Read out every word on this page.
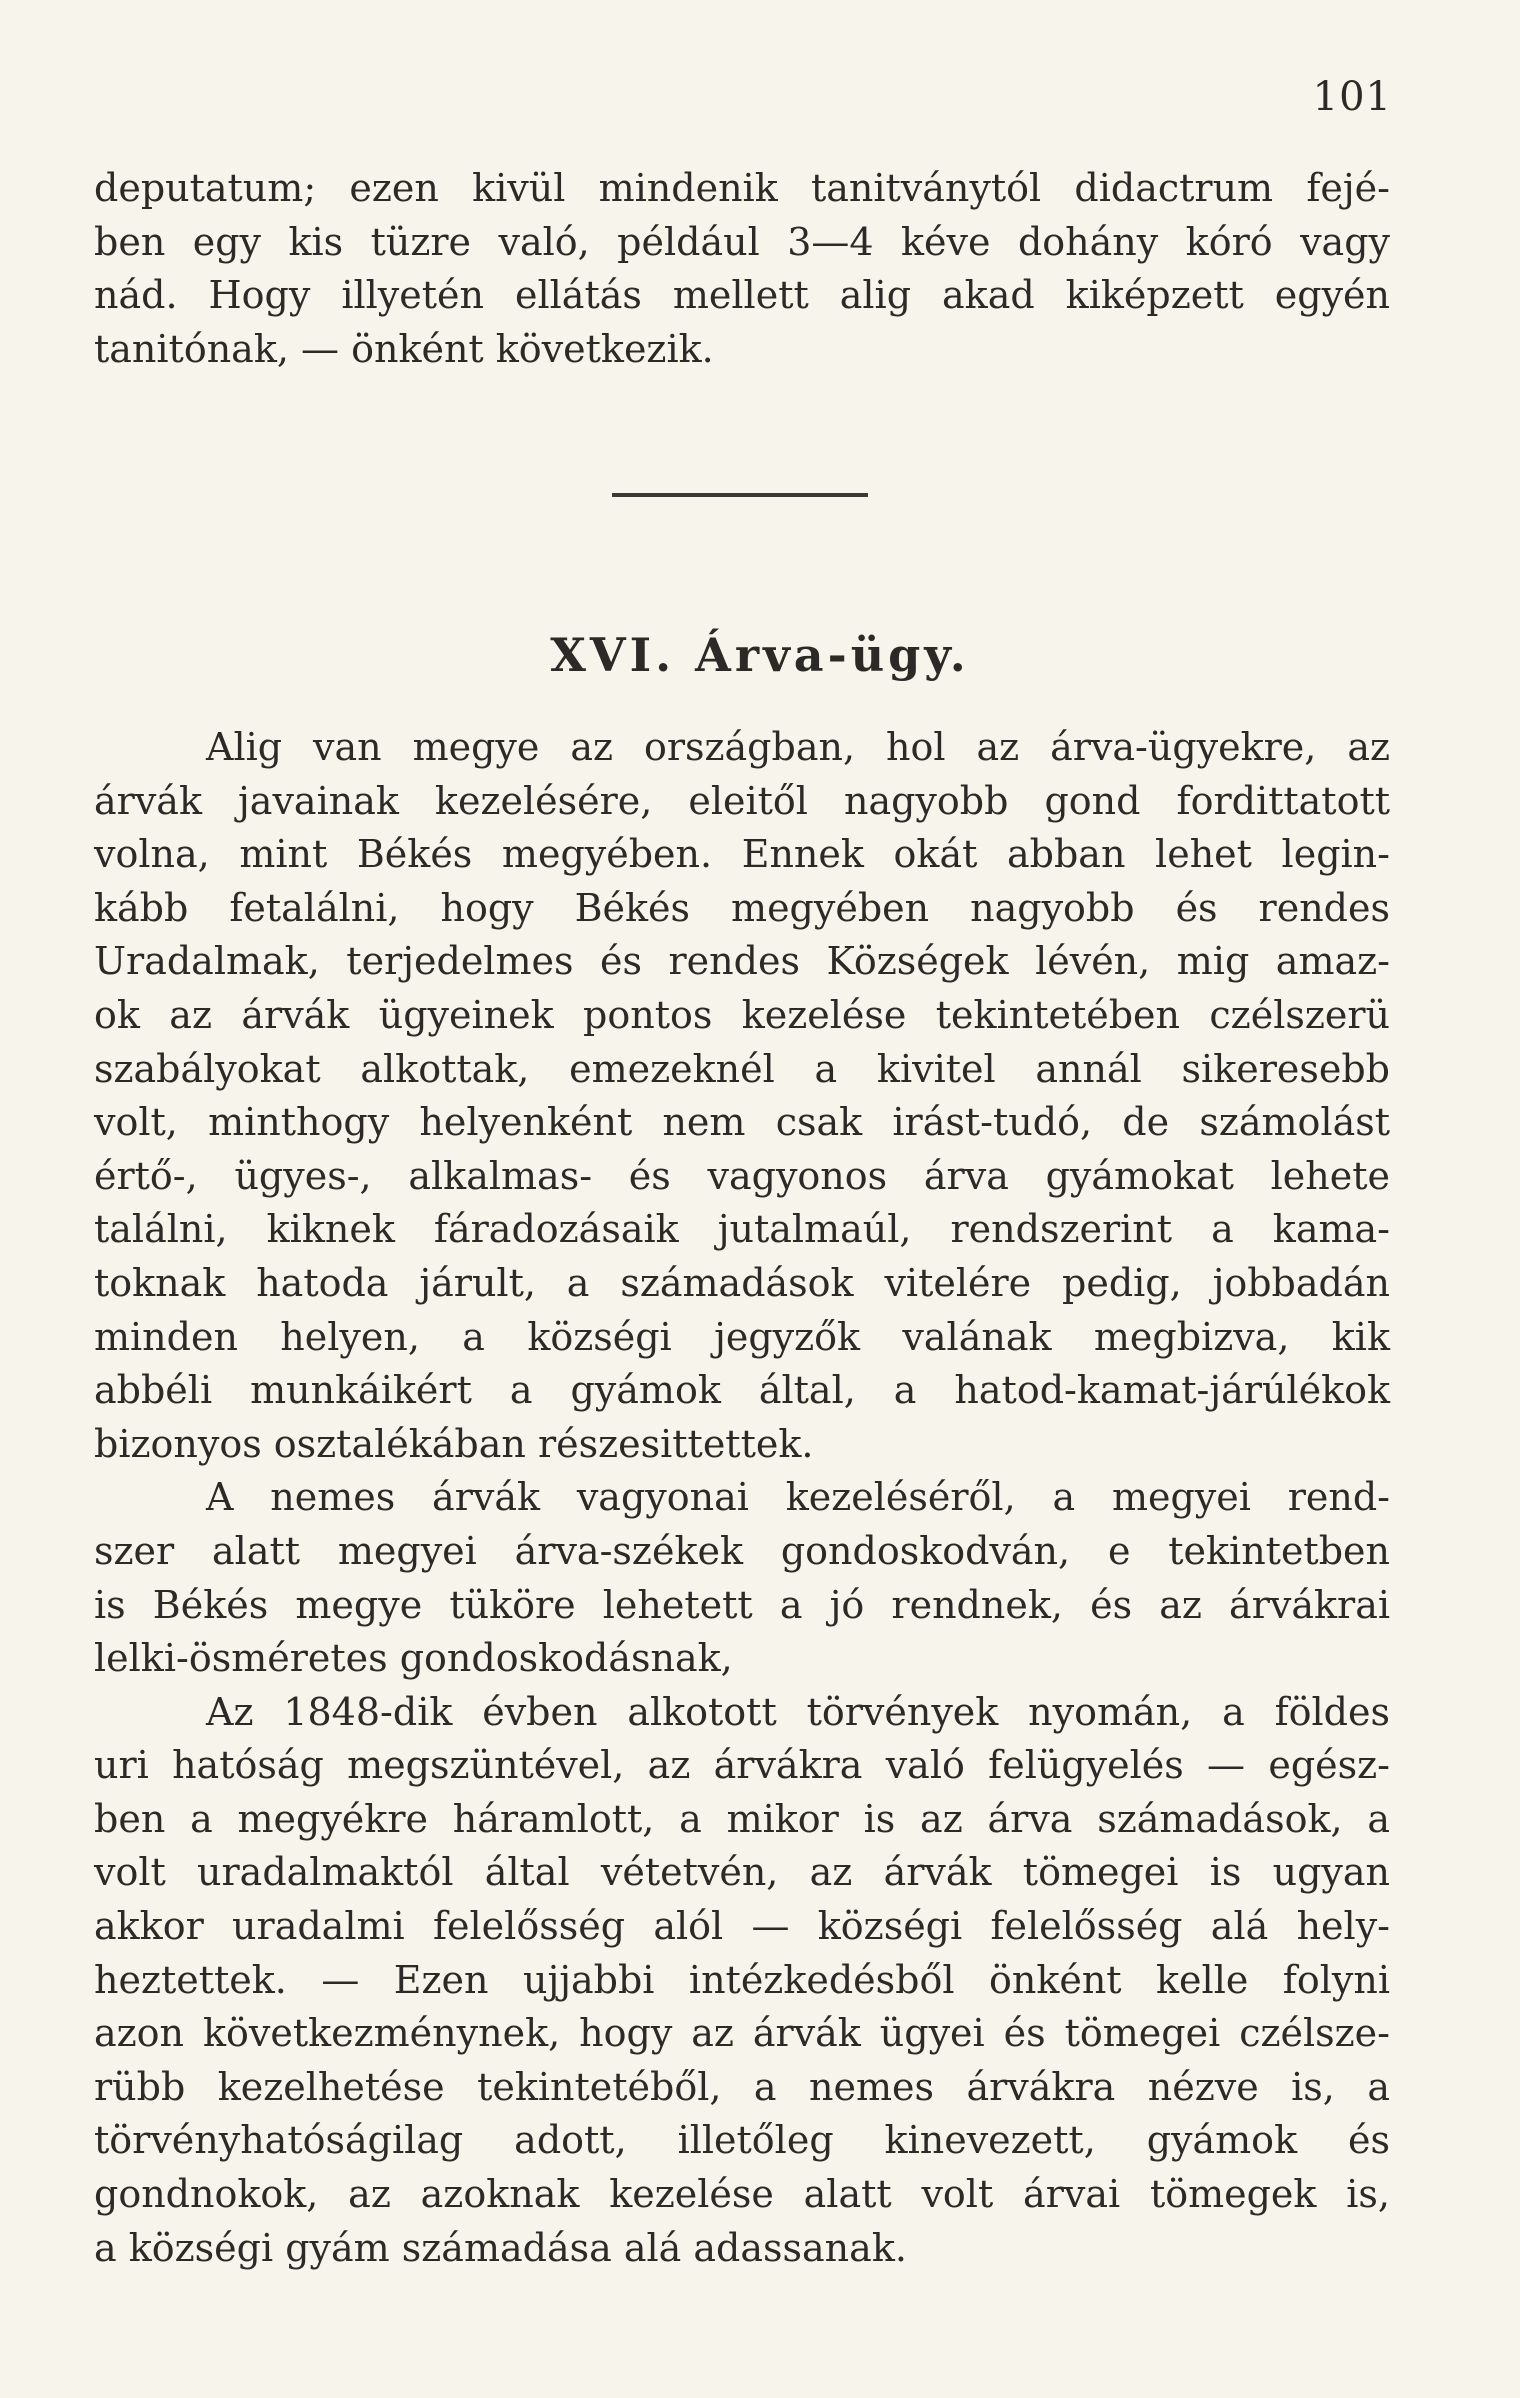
101
deputatum; ezen kivül mindenik tanitványtól didactrum fejé-
ben egy kis tüzre való, például 3—4 kéve dohány kóró vagy
nád. Hogy illyetén ellátás mellett alig akad kiképzett egyén
tanitónak, — önként következik.
XVI. Árva-ügy.
Alig van megye az országban, hol az árva-ügyekre, az
árvák javainak kezelésére, eleitől nagyobb gond fordittatott
volna, mint Békés megyében. Ennek okát abban lehet legin-
kább fetalálni, hogy Békés megyében nagyobb és rendes
Uradalmak, terjedelmes és rendes Községek lévén, mig amaz-
ok az árvák ügyeinek pontos kezelése tekintetében czélszerü
szabályokat alkottak, emezeknél a kivitel annál sikeresebb
volt, minthogy helyenként nem csak irást-tudó, de számolást
értő-, ügyes-, alkalmas- és vagyonos árva gyámokat lehete
találni, kiknek fáradozásaik jutalmaúl, rendszerint a kama-
toknak hatoda járult, a számadások vitelére pedig, jobbadán
minden helyen, a községi jegyzők valának megbizva, kik
abbéli munkáikért a gyámok által, a hatod-kamat-járúlékok
bizonyos osztalékában részesittettek.
A nemes árvák vagyonai kezeléséről, a megyei rend-
szer alatt megyei árva-székek gondoskodván, e tekintetben
is Békés megye tüköre lehetett a jó rendnek, és az árvákrai
lelki-ösméretes gondoskodásnak,
Az 1848-dik évben alkotott törvények nyomán, a földes
uri hatóság megszüntével, az árvákra való felügyelés — egész-
ben a megyékre háramlott, a mikor is az árva számadások, a
volt uradalmaktól által vétetvén, az árvák tömegei is ugyan
akkor uradalmi felelősség alól — községi felelősség alá hely-
heztettek. — Ezen ujjabbi intézkedésből önként kelle folyni
azon következménynek, hogy az árvák ügyei és tömegei czélsze-
rübb kezelhetése tekintetéből, a nemes árvákra nézve is, a
törvényhatóságilag adott, illetőleg kinevezett, gyámok és
gondnokok, az azoknak kezelése alatt volt árvai tömegek is,
a községi gyám számadása alá adassanak.
